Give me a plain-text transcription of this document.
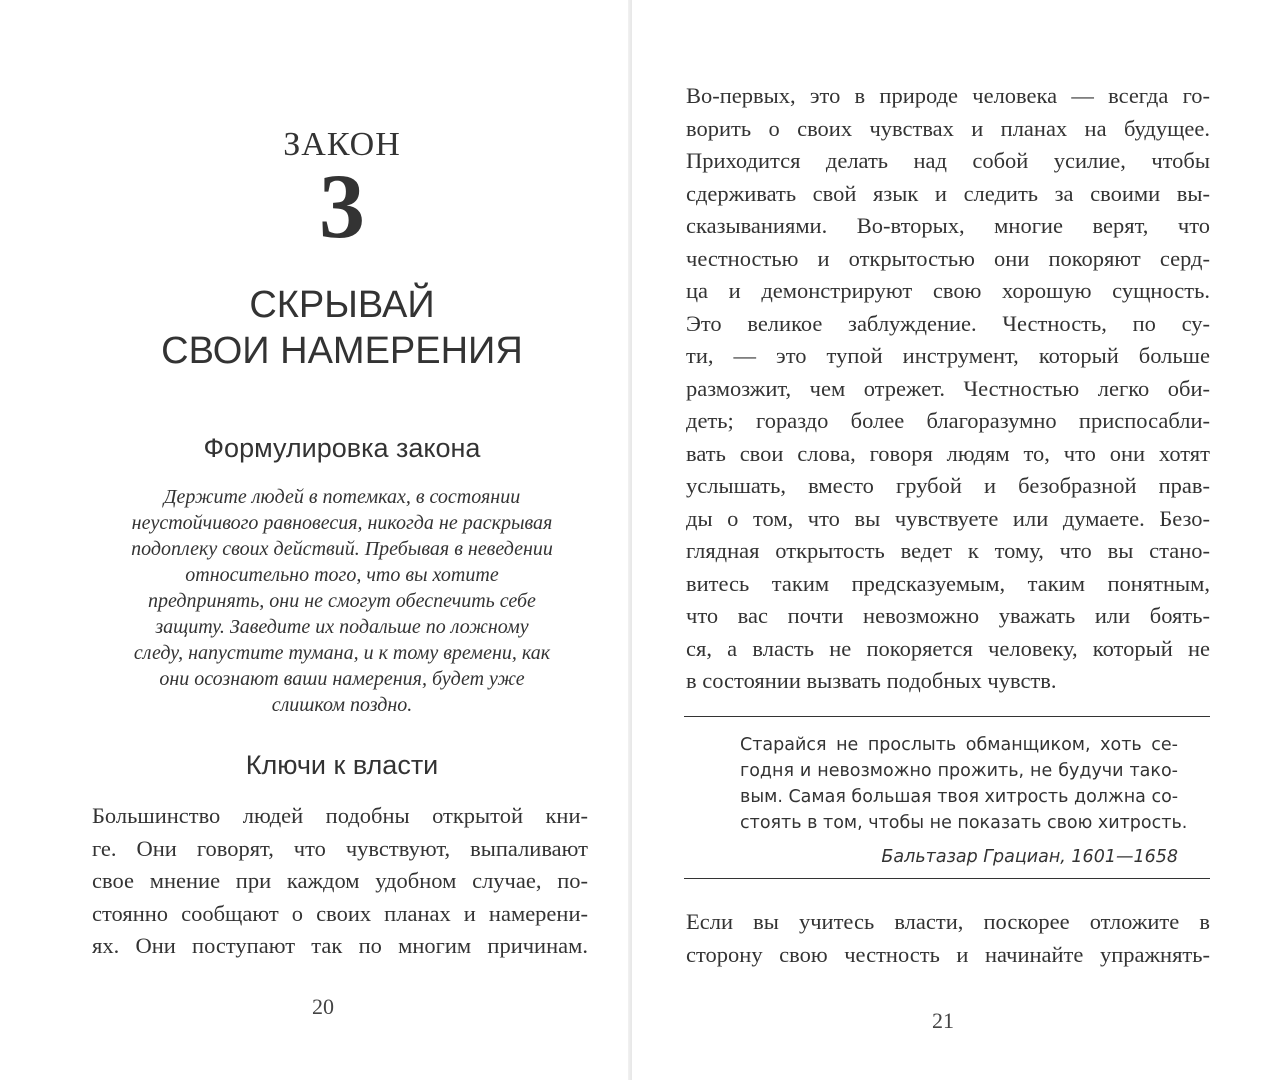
ЗАКОН
3
СКРЫВАЙ
СВОИ НАМЕРЕНИЯ
Формулировка закона
Держите людей в потемках, в состоянии
неустойчивого равновесия, никогда не раскрывая
подоплеку своих действий. Пребывая в неведении
относительно того, что вы хотите
предпринять, они не смогут обеспечить себе
защиту. Заведите их подальше по ложному
следу, напустите тумана, и к тому времени, как
они осознают ваши намерения, будет уже
слишком поздно.
Ключи к власти
Большинство людей подобны открытой кни-
ге. Они говорят, что чувствуют, выпаливают
свое мнение при каждом удобном случае, по-
стоянно сообщают о своих планах и намерени-
ях. Они поступают так по многим причинам.
20
Во-первых, это в природе человека — всегда го-
ворить о своих чувствах и планах на будущее.
Приходится делать над собой усилие, чтобы
сдерживать свой язык и следить за своими вы-
сказываниями. Во-вторых, многие верят, что
честностью и открытостью они покоряют серд-
ца и демонстрируют свою хорошую сущность.
Это великое заблуждение. Честность, по су-
ти, — это тупой инструмент, который больше
размозжит, чем отрежет. Честностью легко оби-
деть; гораздо более благоразумно приспосабли-
вать свои слова, говоря людям то, что они хотят
услышать, вместо грубой и безобразной прав-
ды о том, что вы чувствуете или думаете. Безо-
глядная открытость ведет к тому, что вы стано-
витесь таким предсказуемым, таким понятным,
что вас почти невозможно уважать или боять-
ся, а власть не покоряется человеку, который не
в состоянии вызвать подобных чувств.
Старайся не прослыть обманщиком, хоть се-
годня и невозможно прожить, не будучи тако-
вым. Самая большая твоя хитрость должна со-
стоять в том, чтобы не показать свою хитрость.
Бальтазар Грациан, 1601—1658
Если вы учитесь власти, поскорее отложите в
сторону свою честность и начинайте упражнять-
21
